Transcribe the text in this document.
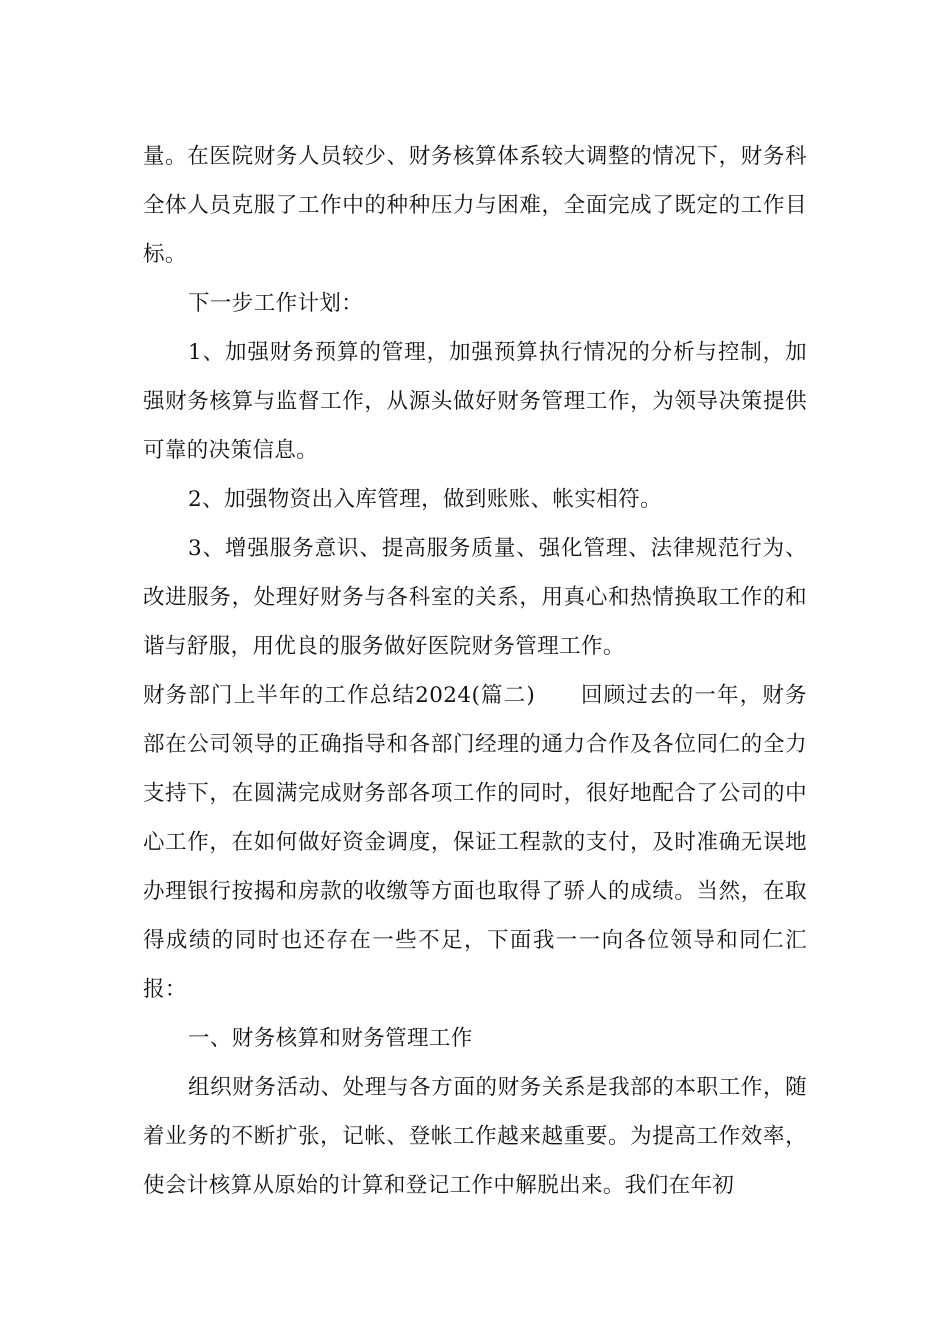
量。在医院财务人员较少、财务核算体系较大调整的情况下，财务科全体人员克服了工作中的种种压力与困难，全面完成了既定的工作目标。

下一步工作计划：

1、加强财务预算的管理，加强预算执行情况的分析与控制，加强财务核算与监督工作，从源头做好财务管理工作，为领导决策提供可靠的决策信息。

2、加强物资出入库管理，做到账账、帐实相符。

3、增强服务意识、提高服务质量、强化管理、法律规范行为、改进服务，处理好财务与各科室的关系，用真心和热情换取工作的和谐与舒服，用优良的服务做好医院财务管理工作。

财务部门上半年的工作总结2024(篇二) 回顾过去的一年，财务部在公司领导的正确指导和各部门经理的通力合作及各位同仁的全力支持下，在圆满完成财务部各项工作的同时，很好地配合了公司的中心工作，在如何做好资金调度，保证工程款的支付，及时准确无误地办理银行按揭和房款的收缴等方面也取得了骄人的成绩。当然，在取得成绩的同时也还存在一些不足，下面我一一向各位领导和同仁汇报：

一、财务核算和财务管理工作

组织财务活动、处理与各方面的财务关系是我部的本职工作，随着业务的不断扩张，记帐、登帐工作越来越重要。为提高工作效率，使会计核算从原始的计算和登记工作中解脱出来。我们在年初
